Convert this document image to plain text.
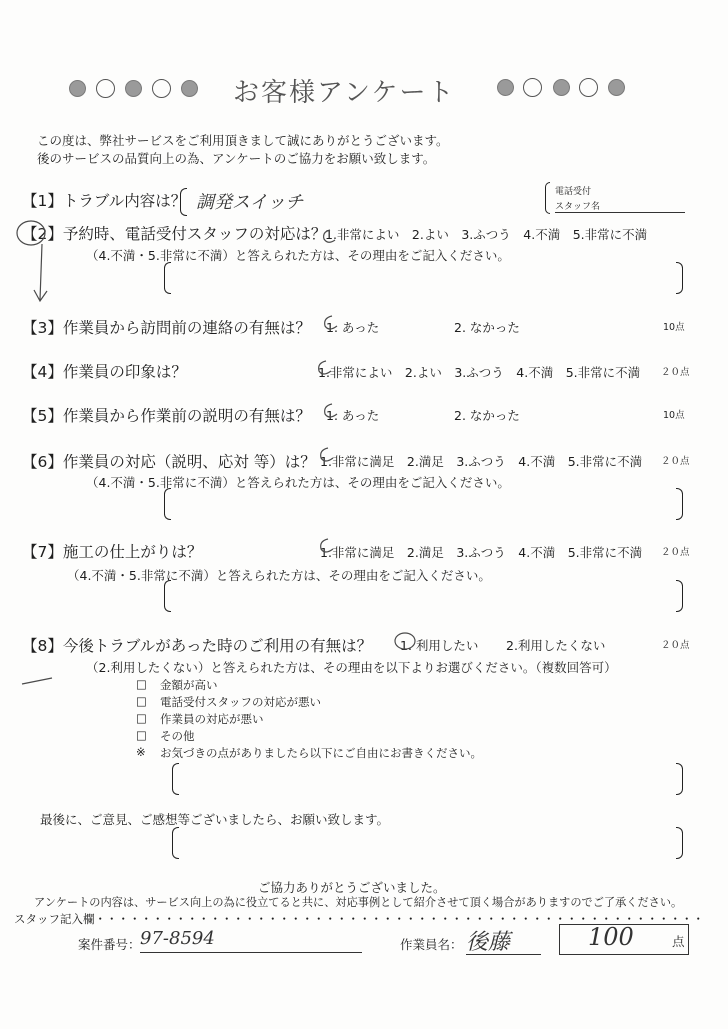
お客様アンケート
この度は、弊社サービスをご利用頂きまして誠にありがとうございます。
後のサービスの品質向上の為、アンケートのご協力をお願い致します。
【1】トラブル内容は？ 調発スイッチ	電話受付
スタッフ名
【2】予約時、電話受付スタッフの対応は？
1.非常によい　2.よい　3.ふつう　4.不満　5.非常に不満
（4.不満・5.非常に不満）と答えられた方は、その理由をご記入ください。
【3】作業員から訪問前の連絡の有無は？ 1. あった	2. なかった	10点
【4】作業員の印象は？	1.非常によい　2.よい　3.ふつう　4.不満　5.非常に不満 ２０点
【5】作業員から作業前の説明の有無は？ 1. あった	2. なかった	10点
【6】作業員の対応（説明、応対 等）は？ 1.非常に満足　2.満足　3.ふつう　4.不満　5.非常に不満 ２０点
（4.不満・5.非常に不満）と答えられた方は、その理由をご記入ください。
【7】施工の仕上がりは？	1.非常に満足　2.満足　3.ふつう　4.不満　5.非常に不満 ２０点
（4.不満・5.非常に不満）と答えられた方は、その理由をご記入ください。
【8】今後トラブルがあった時のご利用の有無は？ 1. 利用したい 2.利用したくない	２０点
（2.利用したくない）と答えられた方は、その理由を以下よりお選びください。（複数回答可）
□ 金額が高い
□ 電話受付スタッフの対応が悪い
□ 作業員の対応が悪い
□ その他
※ お気づきの点がありましたら以下にご自由にお書きください。
最後に、ご意見、ご感想等ございましたら、お願い致します。
ご協力ありがとうございました。
アンケートの内容は、サービス向上の為に役立てると共に、対応事例として紹介させて頂く場合がありますのでご了承ください。
スタッフ記入欄・・・・・・・・・・・・・・・・・・・・・・・・・・・・・・・・・・・・・・・・・・・・・・・・・・・・・
案件番号： 97-8594	作業員名： 後藤	100	点
